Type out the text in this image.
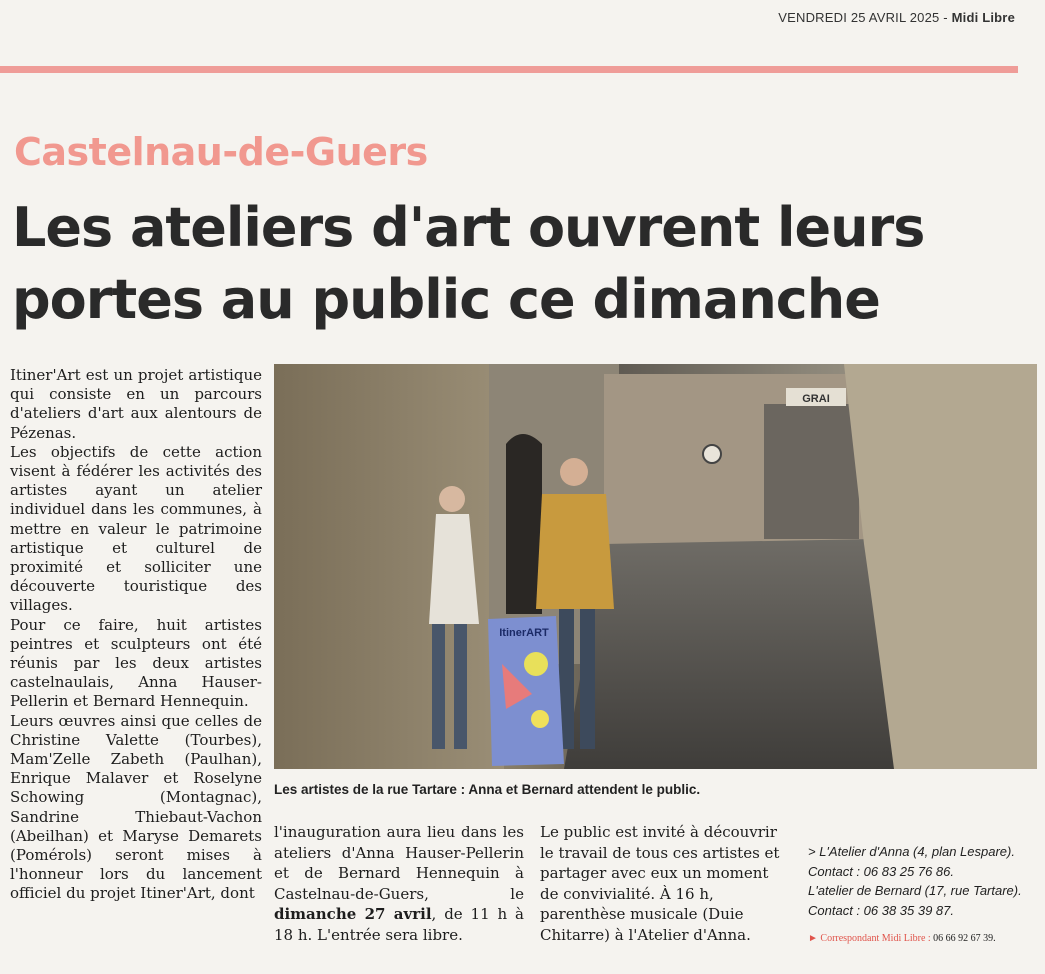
VENDREDI 25 AVRIL 2025 - Midi Libre
Castelnau-de-Guers
Les ateliers d'art ouvrent leurs portes au public ce dimanche

Itiner'Art est un projet artistique qui consiste en un parcours d'ateliers d'art aux alentours de Pézenas.

Les objectifs de cette action visent à fédérer les activités des artistes ayant un atelier individuel dans les communes, à mettre en valeur le patrimoine artistique et culturel de proximité et solliciter une découverte touristique des villages.

Pour ce faire, huit artistes peintres et sculpteurs ont été réunis par les deux artistes castelnaulais, Anna Hauser-Pellerin et Bernard Hennequin.

Leurs œuvres ainsi que celles de Christine Valette (Tourbes), Mam'Zelle Zabeth (Paulhan), Enrique Malaver et Roselyne Schowing (Montagnac), Sandrine Thiebaut-Vachon (Abeilhan) et Maryse Demarets (Pomérols) seront mises à l'honneur lors du lancement officiel du projet Itiner'Art, dont

GRAI
ItinerART
Les artistes de la rue Tartare : Anna et Bernard attendent le public.
l'inauguration aura lieu dans les ateliers d'Anna Hauser-Pellerin et de Bernard Hennequin à Castelnau-de-Guers, le dimanche 27 avril, de 11 h à 18 h. L'entrée sera libre.
Le public est invité à découvrir le travail de tous ces artistes et partager avec eux un moment de convivialité. À 16 h, parenthèse musicale (Duie Chitarre) à l'Atelier d'Anna.
> L'Atelier d'Anna (4, plan Lespare). Contact : 06 83 25 76 86.
L'atelier de Bernard (17, rue Tartare). Contact : 06 38 35 39 87.
► Correspondant Midi Libre : 06 66 92 67 39.
